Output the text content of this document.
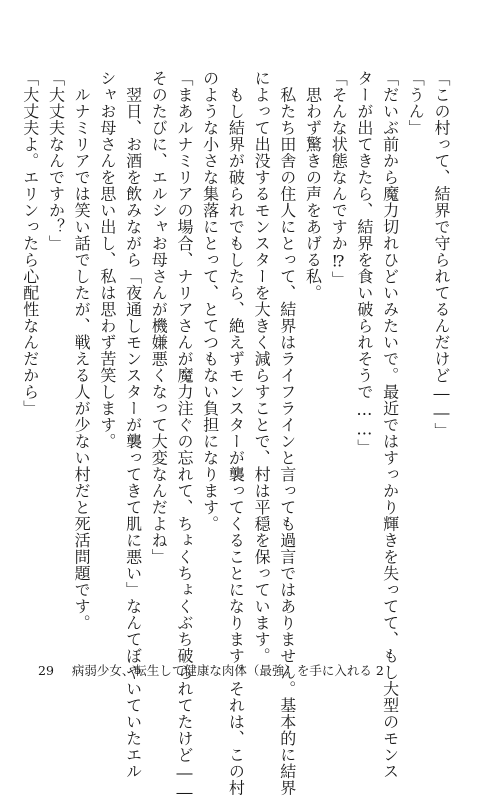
「この村って、結界で守られてるんだけど――」
「うん」
「だいぶ前から魔力切れひどいみたいで。最近ではすっかり輝きを失ってて、もし大型のモンス
ターが出てきたら、結界を食い破られそうで……」
「そんな状態なんですか⁉」
　思わず驚きの声をあげる私。
　私たち田舎の住人にとって、結界はライフラインと言っても過言ではありません。基本的に結界
によって出没するモンスターを大きく減らすことで、村は平穏を保っています。
　もし結界が破られでもしたら、絶えずモンスターが襲ってくることになります。それは、この村
のような小さな集落にとって、とてつもない負担になります。
「まあルナミリアの場合、ナリアさんが魔力注ぐの忘れて、ちょくちょくぶち破られてたけど――
そのたびに、エルシャお母さんが機嫌悪くなって大変なんだよね」
　翌日、お酒を飲みながら「夜通しモンスターが襲ってきて肌に悪い」なんてぼやいていたエル
シャお母さんを思い出し、私は思わず苦笑します。
　ルナミリアでは笑い話でしたが、戦える人が少ない村だと死活問題です。
「大丈夫なんですか？」
「大丈夫よ。エリンったら心配性なんだから」
29 病弱少女、転生して健康な肉体（最強）を手に入れる 2
